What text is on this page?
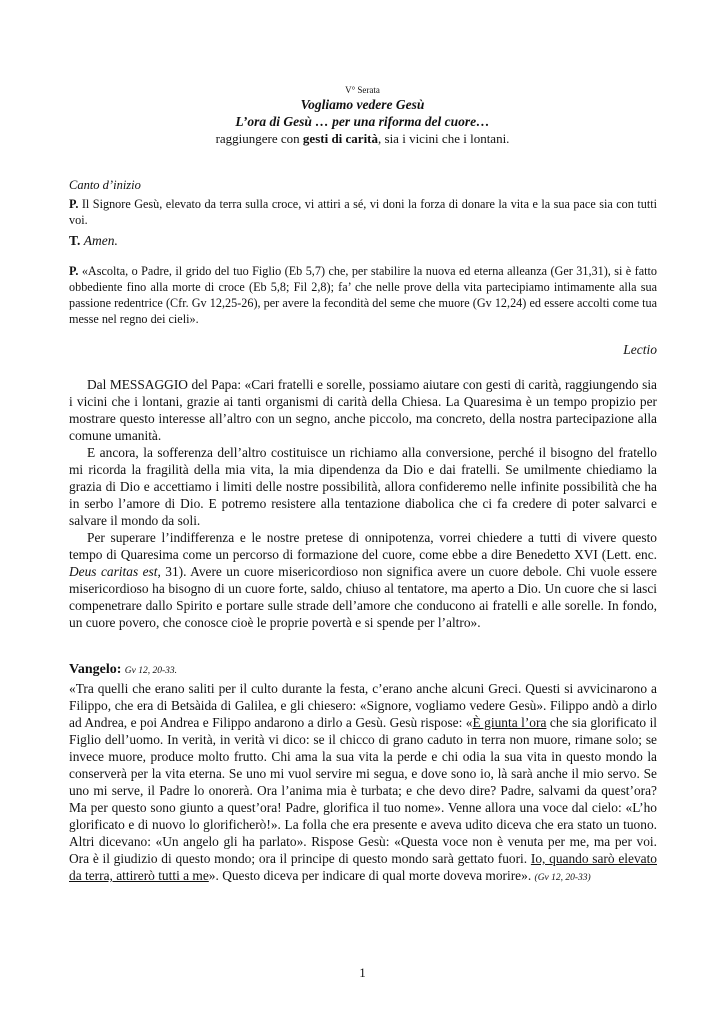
V° Serata
Vogliamo vedere Gesù
L’ora di Gesù … per una riforma del cuore…
raggiungere con gesti di carità, sia i vicini che i lontani.
Canto d’inizio
P. Il Signore Gesù, elevato da terra sulla croce, vi attiri a sé, vi doni la forza di donare la vita e la sua pace sia con tutti voi.
T. Amen.
P. «Ascolta, o Padre, il grido del tuo Figlio (Eb 5,7) che, per stabilire la nuova ed eterna alleanza (Ger 31,31), si è fatto obbediente fino alla morte di croce (Eb 5,8; Fil 2,8); fa’ che nelle prove della vita partecipiamo intimamente alla sua passione redentrice (Cfr. Gv 12,25-26), per avere la fecondità del seme che muore (Gv 12,24) ed essere accolti come tua messe nel regno dei cieli».
Lectio

Dal MESSAGGIO del Papa: «Cari fratelli e sorelle, possiamo aiutare con gesti di carità, raggiungendo sia i vicini che i lontani, grazie ai tanti organismi di carità della Chiesa. La Quaresima è un tempo propizio per mostrare questo interesse all’altro con un segno, anche piccolo, ma concreto, della nostra partecipazione alla comune umanità.

E ancora, la sofferenza dell’altro costituisce un richiamo alla conversione, perché il bisogno del fratello mi ricorda la fragilità della mia vita, la mia dipendenza da Dio e dai fratelli. Se umilmente chiediamo la grazia di Dio e accettiamo i limiti delle nostre possibilità, allora confideremo nelle infinite possibilità che ha in serbo l’amore di Dio. E potremo resistere alla tentazione diabolica che ci fa credere di poter salvarci e salvare il mondo da soli.

Per superare l’indifferenza e le nostre pretese di onnipotenza, vorrei chiedere a tutti di vivere questo tempo di Quaresima come un percorso di formazione del cuore, come ebbe a dire Benedetto XVI (Lett. enc. Deus caritas est, 31). Avere un cuore misericordioso non significa avere un cuore debole. Chi vuole essere misericordioso ha bisogno di un cuore forte, saldo, chiuso al tentatore, ma aperto a Dio. Un cuore che si lasci compenetrare dallo Spirito e portare sulle strade dell’amore che conducono ai fratelli e alle sorelle. In fondo, un cuore povero, che conosce cioè le proprie povertà e si spende per l’altro».

Vangelo: Gv 12, 20-33.

«Tra quelli che erano saliti per il culto durante la festa, c’erano anche alcuni Greci. Questi si avvicinarono a Filippo, che era di Betsàida di Galilea, e gli chiesero: «Signore, vogliamo vedere Gesù». Filippo andò a dirlo ad Andrea, e poi Andrea e Filippo andarono a dirlo a Gesù. Gesù rispose: «È giunta l’ora che sia glorificato il Figlio dell’uomo. In verità, in verità vi dico: se il chicco di grano caduto in terra non muore, rimane solo; se invece muore, produce molto frutto. Chi ama la sua vita la perde e chi odia la sua vita in questo mondo la conserverà per la vita eterna. Se uno mi vuol servire mi segua, e dove sono io, là sarà anche il mio servo. Se uno mi serve, il Padre lo onorerà. Ora l’anima mia è turbata; e che devo dire? Padre, salvami da quest’ora? Ma per questo sono giunto a quest’ora! Padre, glorifica il tuo nome». Venne allora una voce dal cielo: «L’ho glorificato e di nuovo lo glorificherò!». La folla che era presente e aveva udito diceva che era stato un tuono. Altri dicevano: «Un angelo gli ha parlato». Rispose Gesù: «Questa voce non è venuta per me, ma per voi. Ora è il giudizio di questo mondo; ora il principe di questo mondo sarà gettato fuori. Io, quando sarò elevato da terra, attirerò tutti a me». Questo diceva per indicare di qual morte doveva morire». (Gv 12, 20-33)

1
